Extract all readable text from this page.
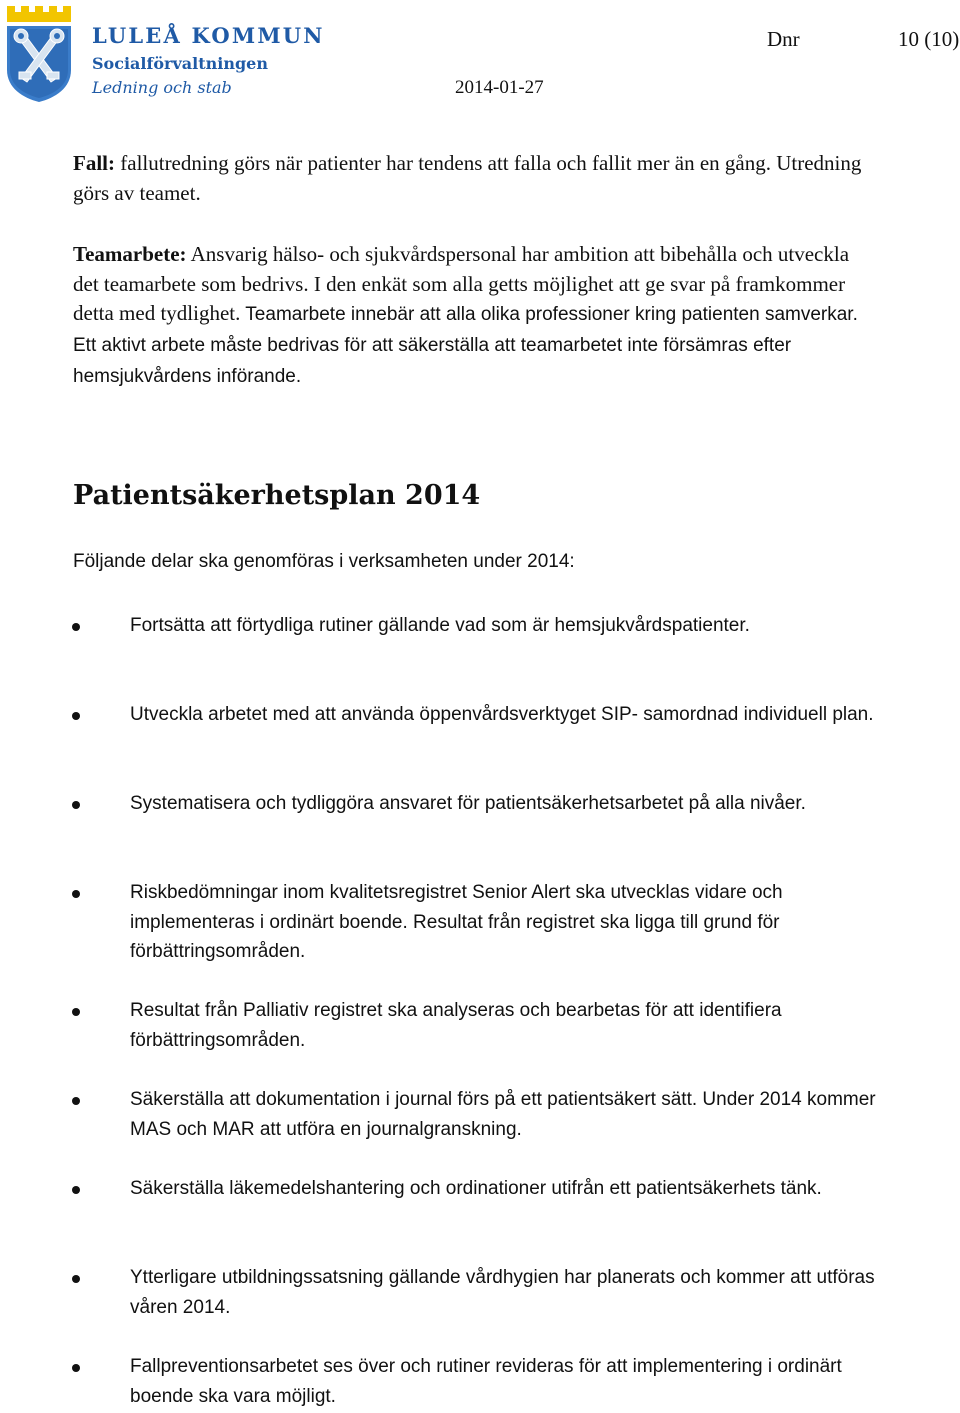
LULEÅ KOMMUN
Socialförvaltningen
Ledning och stab
Dnr	10 (10)
2014-01-27

Fall: fallutredning görs när patienter har tendens att falla och fallit mer än en gång. Utredning görs av teamet.

Teamarbete: Ansvarig hälso- och sjukvårdspersonal har ambition att bibehålla och utveckla det teamarbete som bedrivs. I den enkät som alla getts möjlighet att ge svar på framkommer detta med tydlighet. Teamarbete innebär att alla olika professioner kring patienten samverkar. Ett aktivt arbete måste bedrivas för att säkerställa att teamarbetet inte försämras efter hemsjukvårdens införande.

Patientsäkerhetsplan 2014

Följande delar ska genomföras i verksamheten under 2014:

Fortsätta att förtydliga rutiner gällande vad som är hemsjukvårdspatienter.
Utveckla arbetet med att använda öppenvårdsverktyget SIP- samordnad individuell plan.
Systematisera och tydliggöra ansvaret för patientsäkerhetsarbetet på alla nivåer.
Riskbedömningar inom kvalitetsregistret Senior Alert ska utvecklas vidare och implementeras i ordinärt boende. Resultat från registret ska ligga till grund för förbättringsområden.
Resultat från Palliativ registret ska analyseras och bearbetas för att identifiera förbättringsområden.
Säkerställa att dokumentation i journal förs på ett patientsäkert sätt. Under 2014 kommer MAS och MAR att utföra en journalgranskning.
Säkerställa läkemedelshantering och ordinationer utifrån ett patientsäkerhets tänk.
Ytterligare utbildningssatsning gällande vårdhygien har planerats och kommer att utföras våren 2014.
Fallpreventionsarbetet ses över och rutiner revideras för att implementering i ordinärt boende ska vara möjligt.
